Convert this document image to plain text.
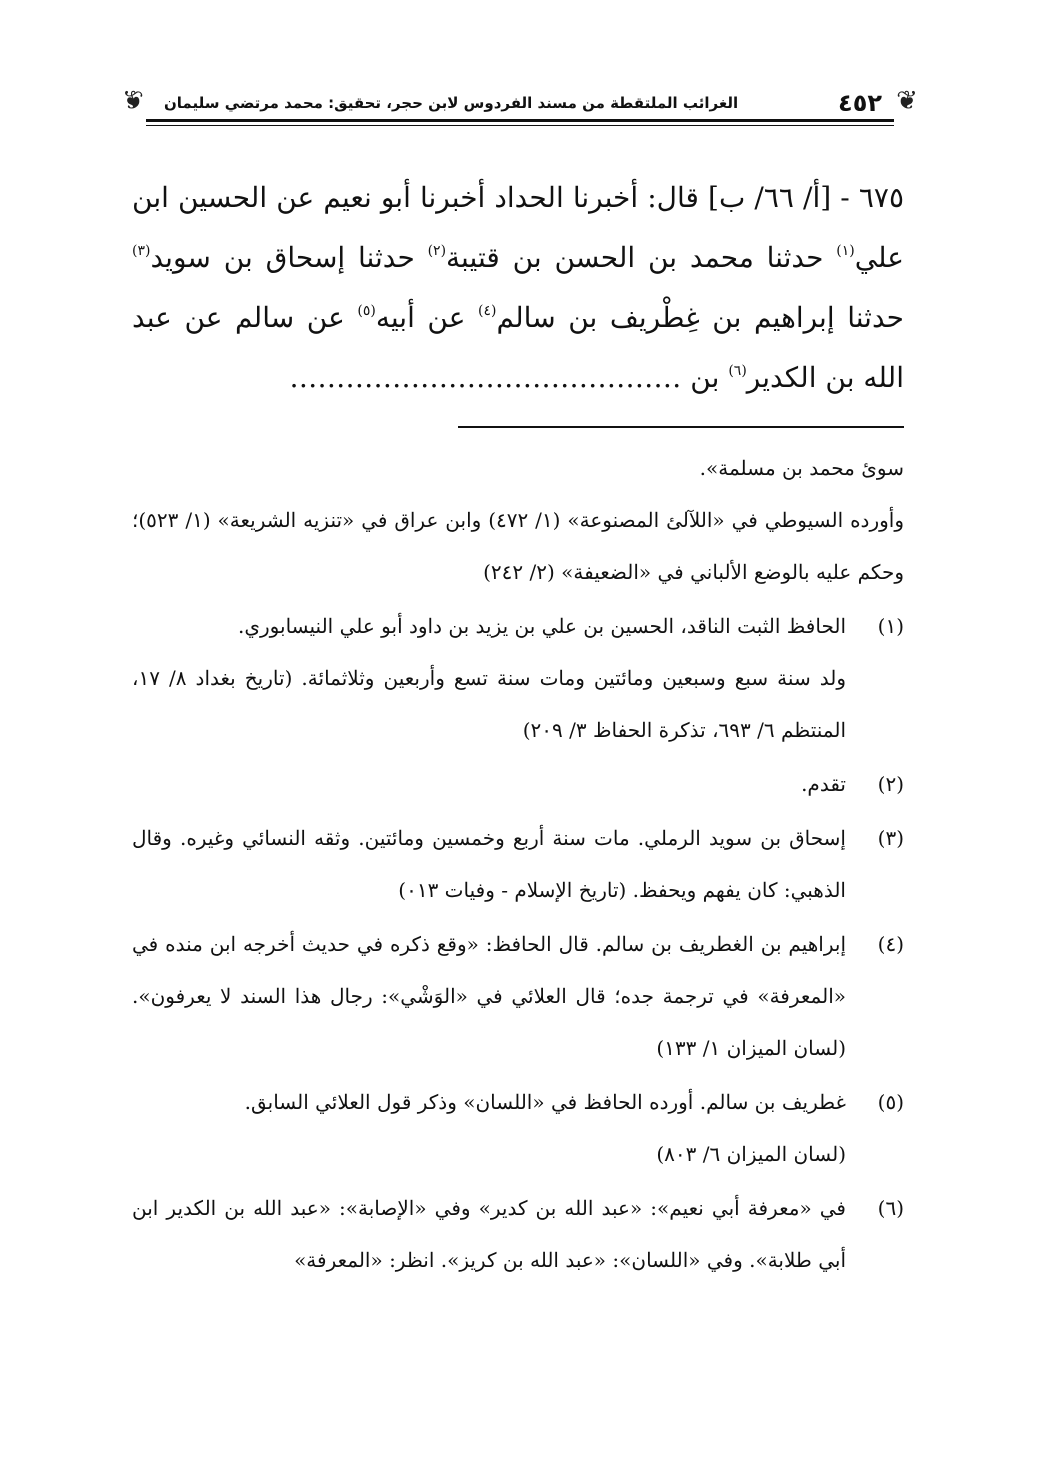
❦
❦	٤٥٢
الغرائب الملتقطة من مسند الفردوس لابن حجر، تحقيق: محمد مرتضي سليمان

٦٧٥ - [أ/ ٦٦/ ب] قال: أخبرنا الحداد أخبرنا أبو نعيم عن الحسين ابن علي$^{(١)}$ حدثنا محمد بن الحسن بن قتيبة$^{(٢)}$ حدثنا إسحاق بن سويد$^{(٣)}$ حدثنا إبراهيم بن غِطْريف بن سالم$^{(٤)}$ عن أبيه$^{(٥)}$ عن سالم عن عبد الله بن الكدير$^{(٦)}$ بن ……………………………………

سوئ محمد بن مسلمة».

وأورده السيوطي في «اللآلئ المصنوعة» (١/ ٤٧٢) وابن عراق في «تنزيه الشريعة» (١/ ٥٢٣)؛ وحكم عليه بالوضع الألباني في «الضعيفة» (٢/ ٢٤٢)

(١)

الحافظ الثبت الناقد، الحسين بن علي بن يزيد بن داود أبو علي النيسابوري.

ولد سنة سبع وسبعين ومائتين ومات سنة تسع وأربعين وثلاثمائة. (تاريخ بغداد ٨/ ١٧، المنتظم ٦/ ٦٩٣، تذكرة الحفاظ ٣/ ٢٠٩)

(٢)

تقدم.

(٣)

إسحاق بن سويد الرملي. مات سنة أربع وخمسين ومائتين. وثقه النسائي وغيره. وقال الذهبي: كان يفهم ويحفظ. (تاريخ الإسلام - وفيات ٠١٣)

(٤)

إبراهيم بن الغطريف بن سالم. قال الحافظ: «وقع ذكره في حديث أخرجه ابن منده في «المعرفة» في ترجمة جده؛ قال العلائي في «الوَشْي»: رجال هذا السند لا يعرفون». (لسان الميزان ١/ ١٣٣)

(٥)

غطريف بن سالم. أورده الحافظ في «اللسان» وذكر قول العلائي السابق.

(لسان الميزان ٦/ ٨٠٣)

(٦)

في «معرفة أبي نعيم»: «عبد الله بن كدير» وفي «الإصابة»: «عبد الله بن الكدير ابن أبي طلابة». وفي «اللسان»: «عبد الله بن كريز». انظر: «المعرفة»
